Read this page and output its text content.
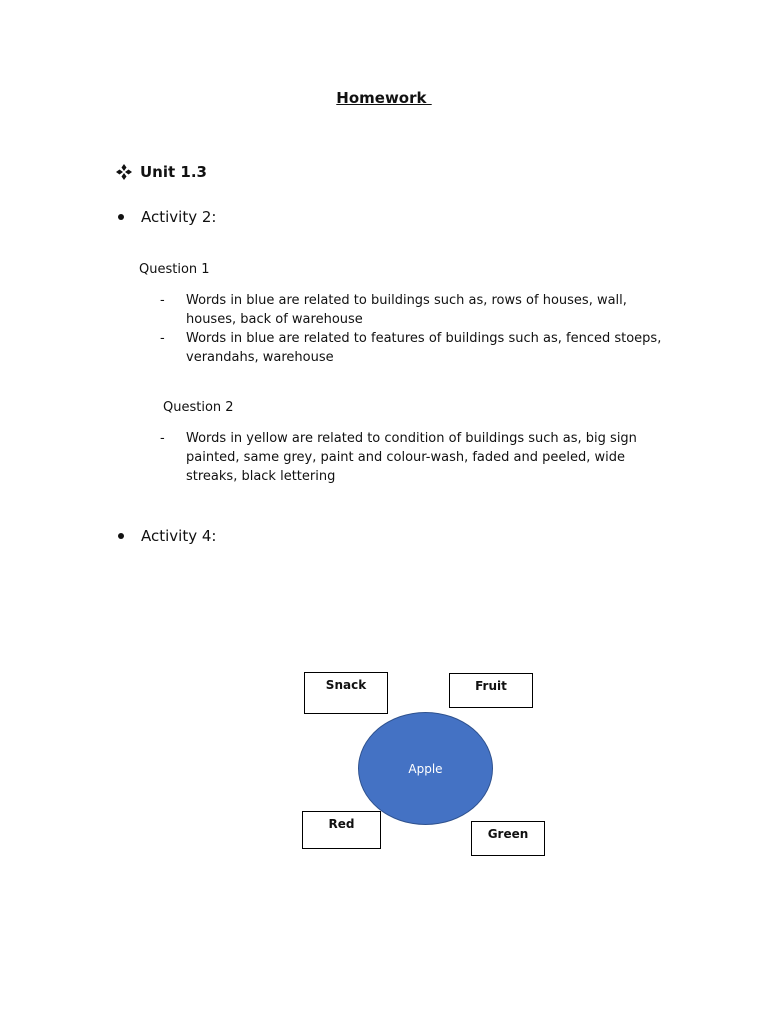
Homework
Unit 1.3
Activity 2:
Question 1
-	Words in blue are related to buildings such as, rows of houses, wall, houses, back of warehouse
-	Words in blue are related to features of buildings such as, fenced stoeps, verandahs, warehouse
Question 2
-	Words in yellow are related to condition of buildings such as, big sign painted, same grey, paint and colour-wash, faded and peeled, wide streaks, black lettering
Activity 4:
Snack	Fruit
Apple
Red
Green
